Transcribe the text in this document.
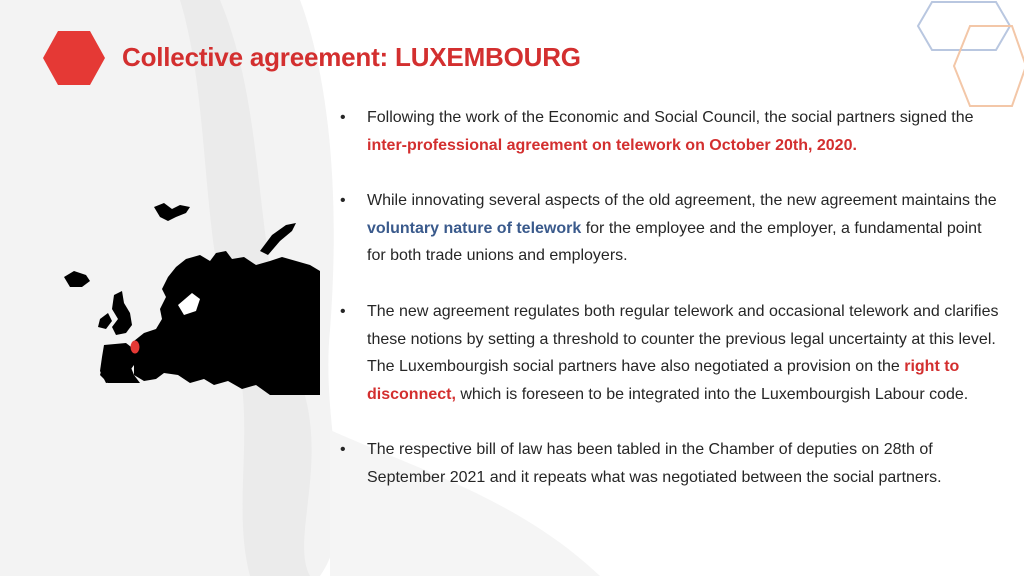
Collective agreement: LUXEMBOURG
• Following the work of the Economic and Social Council, the social partners signed the inter-professional agreement on telework on October 20th, 2020.
• While innovating several aspects of the old agreement, the new agreement maintains the voluntary nature of telework for the employee and the employer, a fundamental point for both trade unions and employers.
• The new agreement regulates both regular telework and occasional telework and clarifies these notions by setting a threshold to counter the previous legal uncertainty at this level. The Luxembourgish social partners have also negotiated a provision on the right to disconnect, which is foreseen to be integrated into the Luxembourgish Labour code.
• The respective bill of law has been tabled in the Chamber of deputies on 28th of September 2021 and it repeats what was negotiated between the social partners.
